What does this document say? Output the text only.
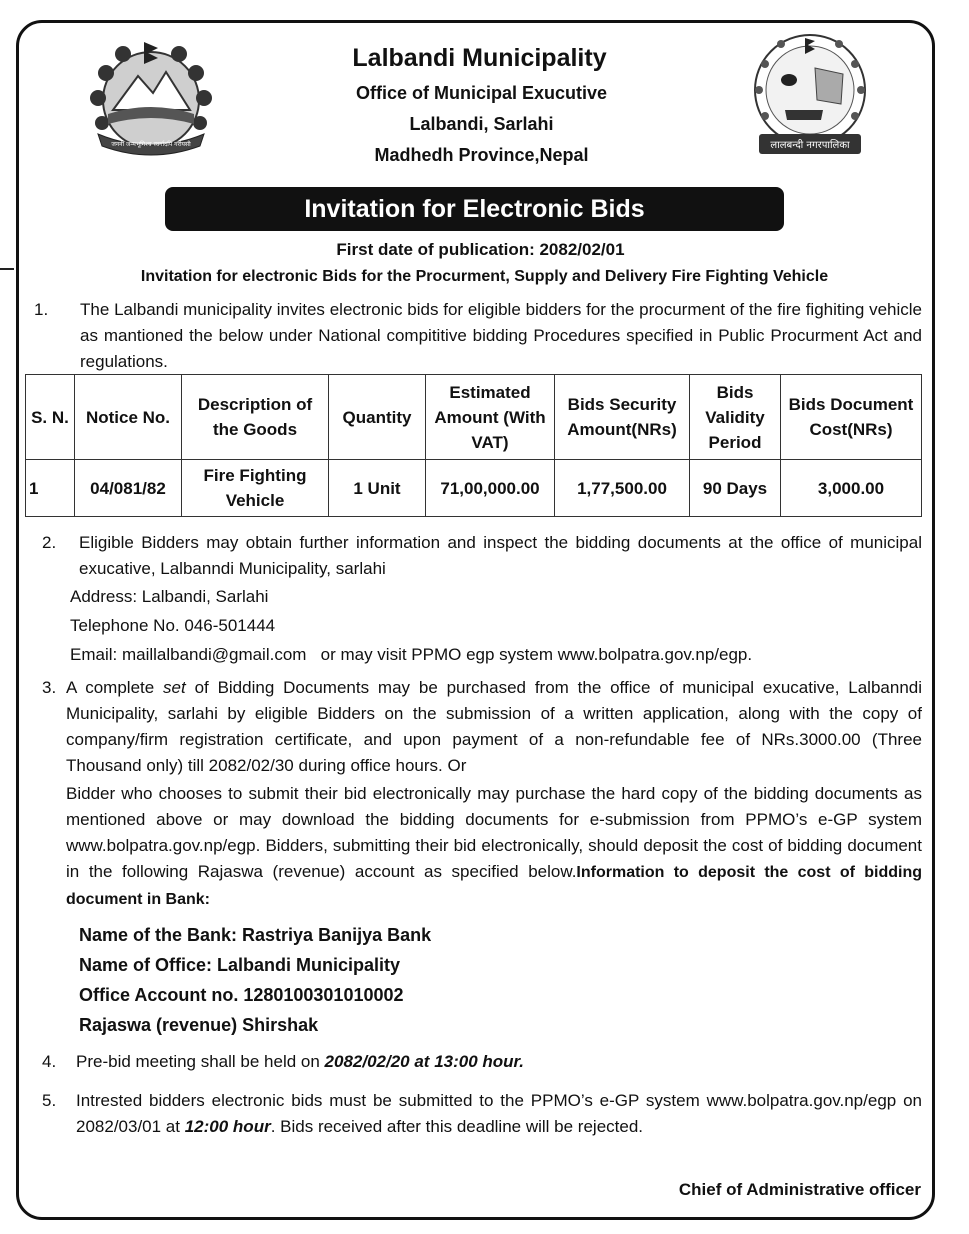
जननी जन्मभूमिश्च स्वर्गादपि गरीयसी	लालबन्दी नगरपालिका
Lalbandi Municipality
Office of Municipal Exucutive
Lalbandi, Sarlahi
Madhedh Province,Nepal
Invitation for Electronic Bids
First date of publication: 2082/02/01
Invitation for electronic Bids for the Procurment, Supply and Delivery Fire Fighting Vehicle
1. The Lalbandi municipality invites electronic bids for eligible bidders for the procurment of the fire fighiting vehicle as mantioned the below under National compititive bidding Procedures specified in Public Procurment Act and regulations.
S. N.	Notice No.	Description of the Goods	Quantity	Estimated Amount (With VAT)	Bids Security Amount(NRs)	Bids Validity Period	Bids Document Cost(NRs)
1	04/081/82	Fire Fighting Vehicle	1 Unit	71,00,000.00	1,77,500.00	90 Days	3,000.00
2. Eligible Bidders may obtain further information and inspect the bidding documents at the office of municipal exucative, Lalbanndi Municipality, sarlahi
Address: Lalbandi, Sarlahi
Telephone No. 046-501444
Email: maillalbandi@gmail.com   or may visit PPMO egp system www.bolpatra.gov.np/egp.
3. A complete set of Bidding Documents may be purchased from the office of municipal exucative, Lalbanndi Municipality, sarlahi by eligible Bidders on the submission of a written application, along with the copy of company/firm registration certificate, and upon payment of a non-refundable fee of NRs.3000.00 (Three Thousand only) till 2082/02/30 during office hours. Or
Bidder who chooses to submit their bid electronically may purchase the hard copy of the bidding documents as mentioned above or may download the bidding documents for e-submission from PPMO’s e-GP system www.bolpatra.gov.np/egp. Bidders, submitting their bid electronically, should deposit the cost of bidding document in the following Rajaswa (revenue) account as specified below.Information to deposit the cost of bidding document in Bank:
Name of the Bank: Rastriya Banijya Bank
Name of Office: Lalbandi Municipality
Office Account no. 1280100301010002
Rajaswa (revenue) Shirshak
4. Pre-bid meeting shall be held on 2082/02/20 at 13:00 hour.
5. Intrested bidders electronic bids must be submitted to the PPMO’s e-GP system www.bolpatra.gov.np/egp on 2082/03/01 at 12:00 hour. Bids received after this deadline will be rejected.
Chief of Administrative officer
